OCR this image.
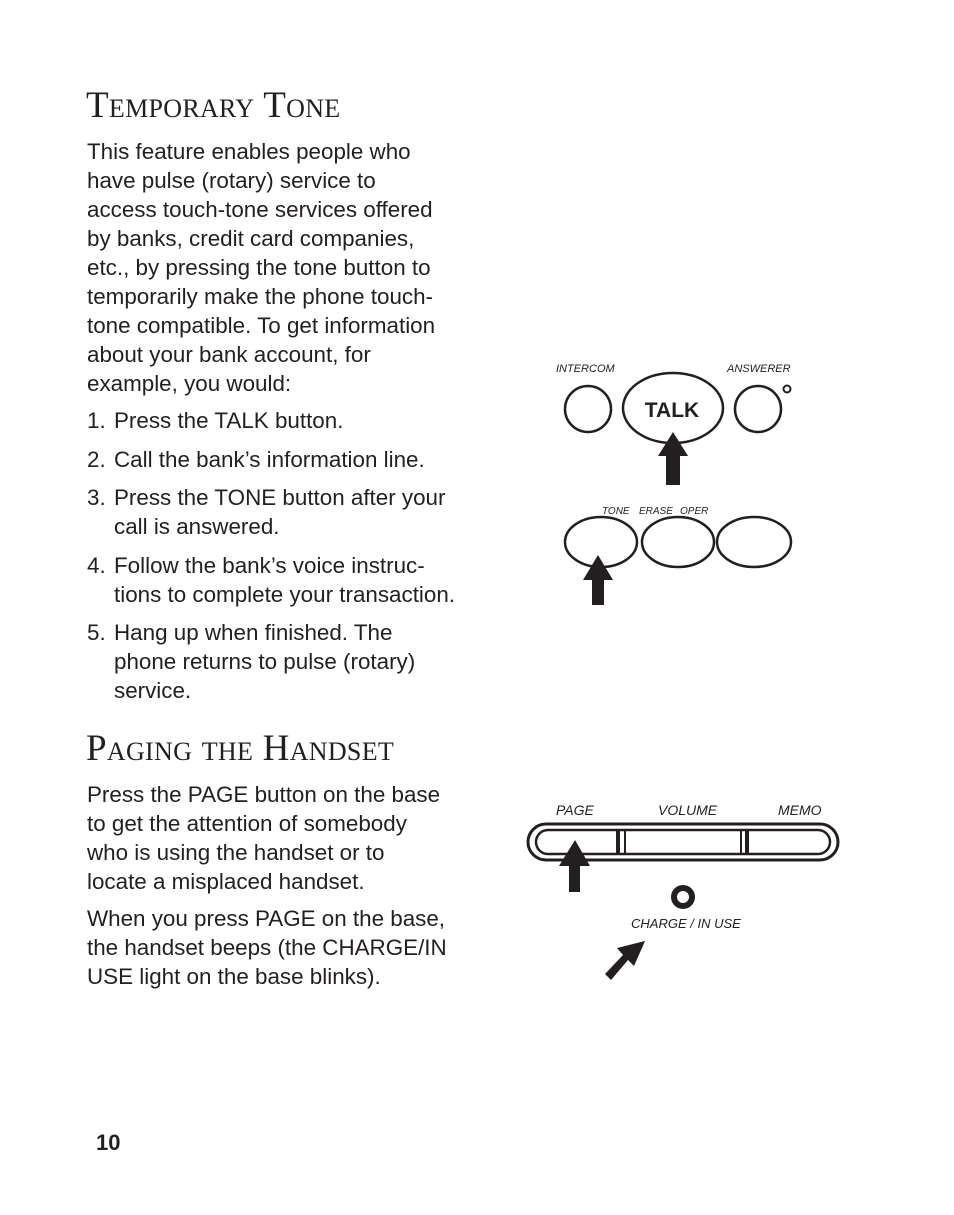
Temporary Tone

This feature enables people who
have pulse (rotary) service to
access touch-tone services offered
by banks, credit card companies,
etc., by pressing the tone button to
temporarily make the phone touch-
tone compatible. To get information
about your bank account, for
example, you would:

1. Press the TALK button.
2. Call the bank’s information line.
3. Press the TONE button after your
call is answered.
4. Follow the bank’s voice instruc-
tions to complete your transaction.
5. Hang up when finished. The
phone returns to pulse (rotary)
service.
Paging the Handset

Press the PAGE button on the base
to get the attention of somebody
who is using the handset or to
locate a misplaced handset.

When you press PAGE on the base,
the handset beeps (the CHARGE/IN
USE light on the base blinks).

10
INTERCOM	ANSWERER
TALK
TONE ERASE OPER
PAGE	VOLUME	MEMO
CHARGE / IN USE
